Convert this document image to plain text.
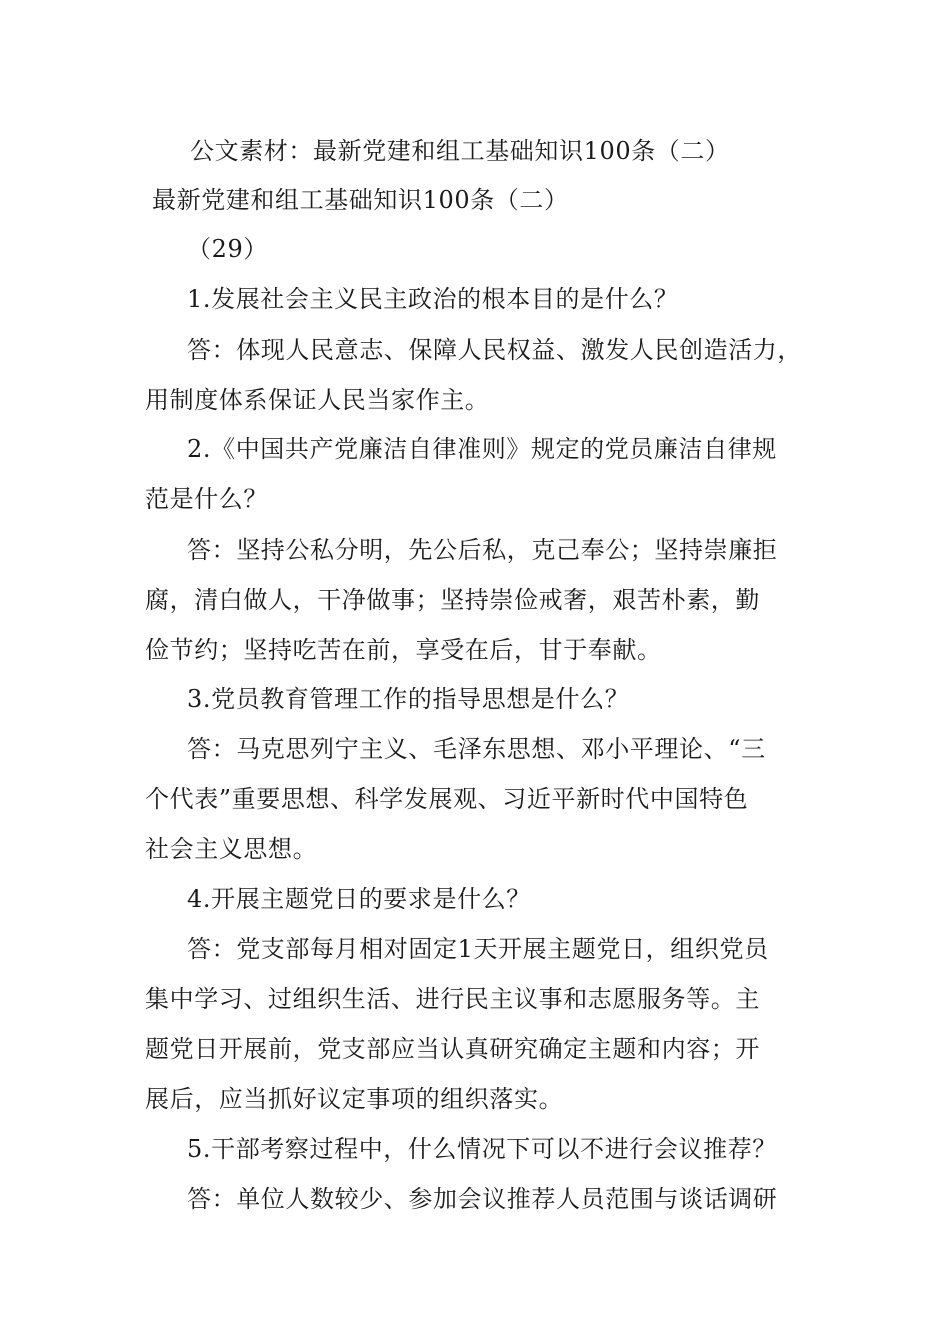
公文素材：最新党建和组工基础知识100条（二）
最新党建和组工基础知识100条（二）
（29）
1.发展社会主义民主政治的根本目的是什么？
答：体现人民意志、保障人民权益、激发人民创造活力，
用制度体系保证人民当家作主。
2.《中国共产党廉洁自律准则》规定的党员廉洁自律规
范是什么？
答：坚持公私分明，先公后私，克己奉公；坚持崇廉拒
腐，清白做人，干净做事；坚持崇俭戒奢，艰苦朴素，勤
俭节约；坚持吃苦在前，享受在后，甘于奉献。
3.党员教育管理工作的指导思想是什么？
答：马克思列宁主义、毛泽东思想、邓小平理论、“三
个代表”重要思想、科学发展观、习近平新时代中国特色
社会主义思想。
4.开展主题党日的要求是什么？
答：党支部每月相对固定1天开展主题党日，组织党员
集中学习、过组织生活、进行民主议事和志愿服务等。主
题党日开展前，党支部应当认真研究确定主题和内容；开
展后，应当抓好议定事项的组织落实。
5.干部考察过程中，什么情况下可以不进行会议推荐？
答：单位人数较少、参加会议推荐人员范围与谈话调研
